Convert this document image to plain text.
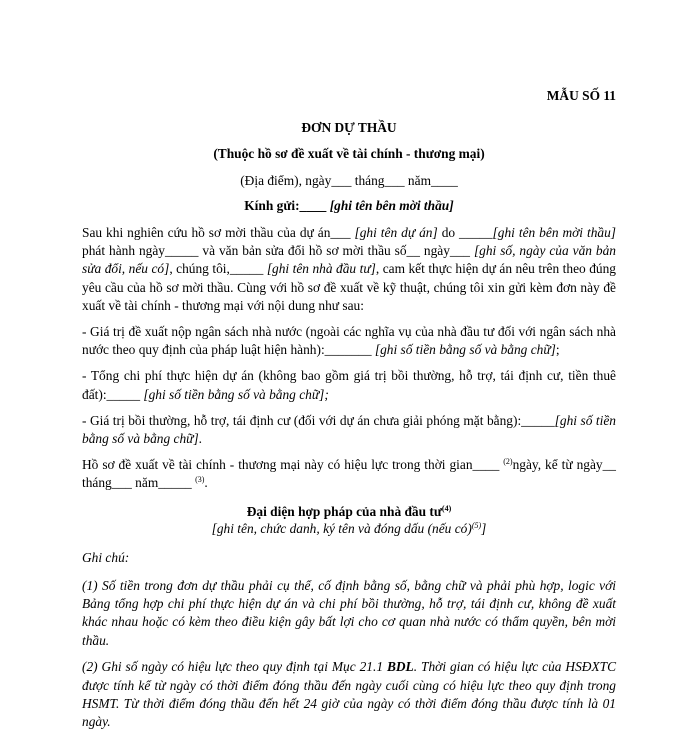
MẪU SỐ 11

ĐƠN DỰ THẦU

(Thuộc hồ sơ đề xuất về tài chính - thương mại)

(Địa điểm), ngày___ tháng___ năm____

Kính gửi:____ [ghi tên bên mời thầu]

Sau khi nghiên cứu hồ sơ mời thầu của dự án___ [ghi tên dự án] do _____[ghi tên bên mời thầu] phát hành ngày_____ và văn bản sửa đổi hồ sơ mời thầu số__ ngày___ [ghi số, ngày của văn bản sửa đổi, nếu có], chúng tôi,_____ [ghi tên nhà đầu tư], cam kết thực hiện dự án nêu trên theo đúng yêu cầu của hồ sơ mời thầu. Cùng với hồ sơ đề xuất về kỹ thuật, chúng tôi xin gửi kèm đơn này đề xuất về tài chính - thương mại với nội dung như sau:

- Giá trị đề xuất nộp ngân sách nhà nước (ngoài các nghĩa vụ của nhà đầu tư đối với ngân sách nhà nước theo quy định của pháp luật hiện hành):_______ [ghi số tiền bằng số và bằng chữ];

- Tổng chi phí thực hiện dự án (không bao gồm giá trị bồi thường, hỗ trợ, tái định cư, tiền thuê đất):_____ [ghi số tiền bằng số và bằng chữ];

- Giá trị bồi thường, hỗ trợ, tái định cư (đối với dự án chưa giải phóng mặt bằng):_____[ghi số tiền bằng số và bằng chữ].

Hồ sơ đề xuất về tài chính - thương mại này có hiệu lực trong thời gian____ $^{(2)}$ngày, kể từ ngày__ tháng___ năm_____ $^{(3)}$.

Đại diện hợp pháp của nhà đầu $tư^{(4)}$

[ghi tên, chức danh, ký tên và đóng dấu (nếu có)$^{(5)}$]

Ghi chú:

(1) Số tiền trong đơn dự thầu phải cụ thể, cố định bằng số, bằng chữ và phải phù hợp, logic với Bảng tổng hợp chi phí thực hiện dự án và chi phí bồi thường, hỗ trợ, tái định cư, không đề xuất khác nhau hoặc có kèm theo điều kiện gây bất lợi cho cơ quan nhà nước có thẩm quyền, bên mời thầu.

(2) Ghi số ngày có hiệu lực theo quy định tại Mục 21.1 BDL. Thời gian có hiệu lực của HSĐXTC được tính kể từ ngày có thời điểm đóng thầu đến ngày cuối cùng có hiệu lực theo quy định trong HSMT. Từ thời điểm đóng thầu đến hết 24 giờ của ngày có thời điểm đóng thầu được tính là 01 ngày.
